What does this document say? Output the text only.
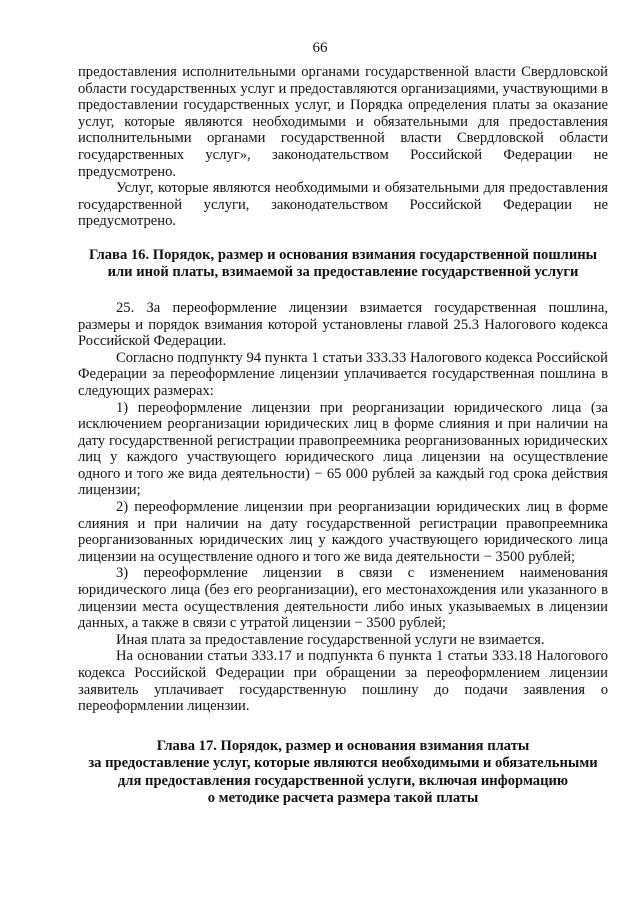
66

предоставления исполнительными органами государственной власти Свердловской области государственных услуг и предоставляются организациями, участвующими в предоставлении государственных услуг, и Порядка определения платы за оказание услуг, которые являются необходимыми и обязательными для предоставления исполнительными органами государственной власти Свердловской области государственных услуг», законодательством Российской Федерации не предусмотрено.

Услуг, которые являются необходимыми и обязательными для предоставления государственной услуги, законодательством Российской Федерации не предусмотрено.

Глава 16. Порядок, размер и основания взимания государственной пошлины
или иной платы, взимаемой за предоставление государственной услуги

25. За переоформление лицензии взимается государственная пошлина, размеры и порядок взимания которой установлены главой 25.3 Налогового кодекса Российской Федерации.

Согласно подпункту 94 пункта 1 статьи 333.33 Налогового кодекса Российской Федерации за переоформление лицензии уплачивается государственная пошлина в следующих размерах:

1) переоформление лицензии при реорганизации юридического лица (за исключением реорганизации юридических лиц в форме слияния и при наличии на дату государственной регистрации правопреемника реорганизованных юридических лиц у каждого участвующего юридического лица лицензии на осуществление одного и того же вида деятельности) − 65 000 рублей за каждый год срока действия лицензии;

2) переоформление лицензии при реорганизации юридических лиц в форме слияния и при наличии на дату государственной регистрации правопреемника реорганизованных юридических лиц у каждого участвующего юридического лица лицензии на осуществление одного и того же вида деятельности − 3500 рублей;

3) переоформление лицензии в связи с изменением наименования юридического лица (без его реорганизации), его местонахождения или указанного в лицензии места осуществления деятельности либо иных указываемых в лицензии данных, а также в связи с утратой лицензии − 3500 рублей;

Иная плата за предоставление государственной услуги не взимается.

На основании статьи 333.17 и подпункта 6 пункта 1 статьи 333.18 Налогового кодекса Российской Федерации при обращении за переоформлением лицензии заявитель уплачивает государственную пошлину до подачи заявления о переоформлении лицензии.

Глава 17. Порядок, размер и основания взимания платы
за предоставление услуг, которые являются необходимыми и обязательными
для предоставления государственной услуги, включая информацию
о методике расчета размера такой платы
